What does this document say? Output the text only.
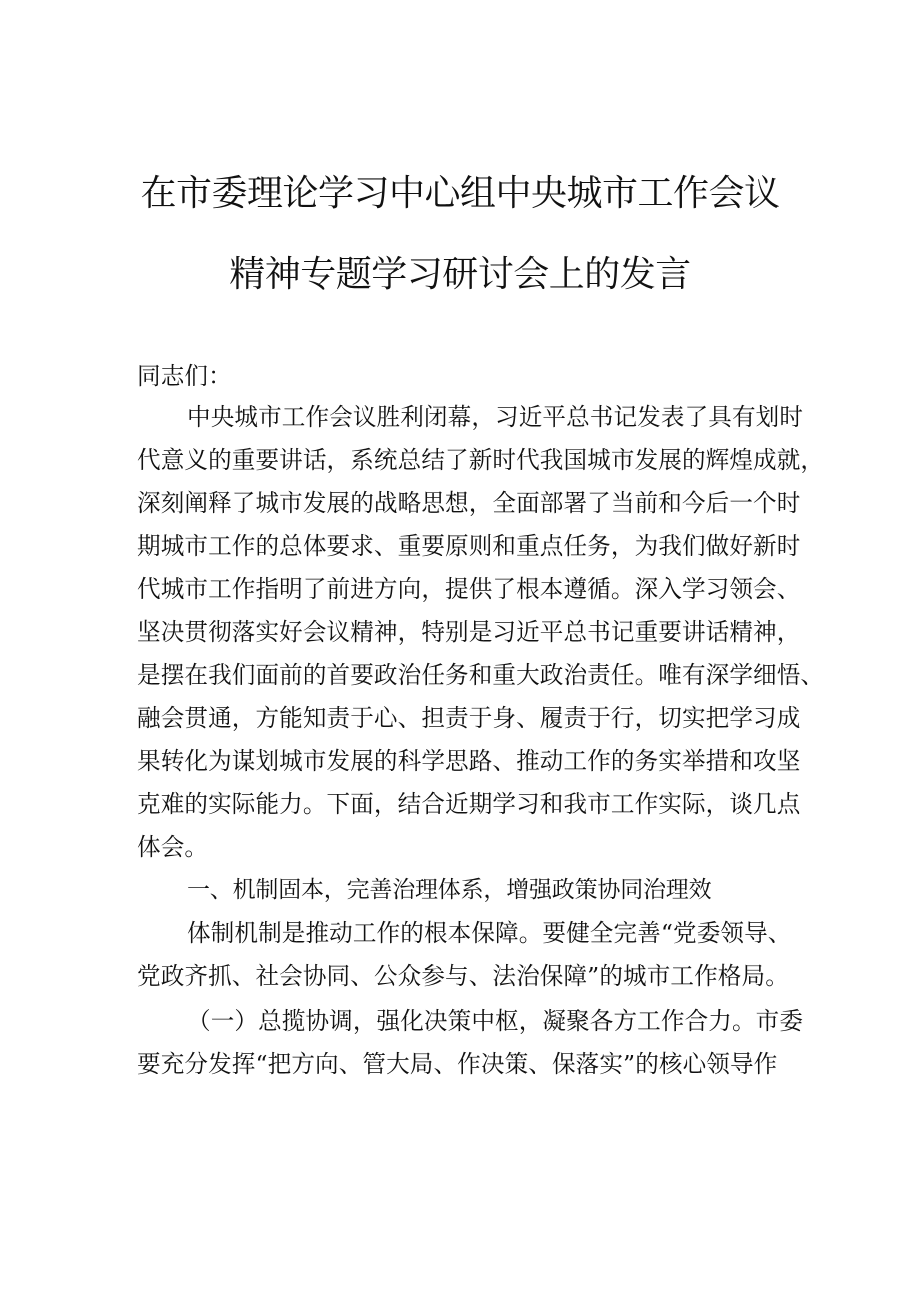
在市委理论学习中心组中央城市工作会议
精神专题学习研讨会上的发言
同志们：
中央城市工作会议胜利闭幕，习近平总书记发表了具有划时
代意义的重要讲话，系统总结了新时代我国城市发展的辉煌成就，
深刻阐释了城市发展的战略思想，全面部署了当前和今后一个时
期城市工作的总体要求、重要原则和重点任务，为我们做好新时
代城市工作指明了前进方向，提供了根本遵循。深入学习领会、
坚决贯彻落实好会议精神，特别是习近平总书记重要讲话精神，
是摆在我们面前的首要政治任务和重大政治责任。唯有深学细悟、
融会贯通，方能知责于心、担责于身、履责于行，切实把学习成
果转化为谋划城市发展的科学思路、推动工作的务实举措和攻坚
克难的实际能力。下面，结合近期学习和我市工作实际，谈几点
体会。
一、机制固本，完善治理体系，增强政策协同治理效
体制机制是推动工作的根本保障。要健全完善“党委领导、
党政齐抓、社会协同、公众参与、法治保障”的城市工作格局。
（一）总揽协调，强化决策中枢，凝聚各方工作合力。市委
要充分发挥“把方向、管大局、作决策、保落实”的核心领导作
